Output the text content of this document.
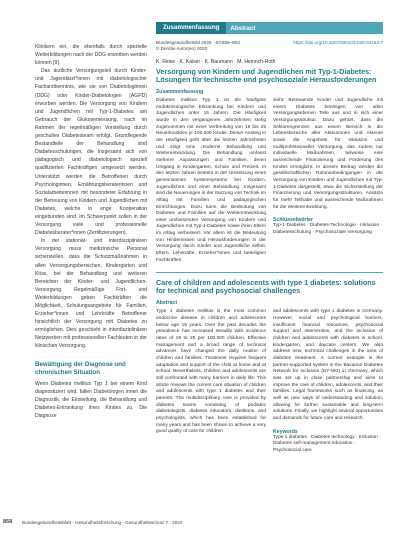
Klinikern ein, die ebenfalls durch spezielle Weiterbildungen nach der DDG erworben werden können [9].

Das ärztliche Versorgungsteil durch Kinder- und Jugendärzt*innen mit diabetologischer Facharztkenntnis, wie sie von Diabetologinnen (DDG) oder Kinder-Diabetologen (AGPD) erworben werden. Die Versorgung von Kindern und Jugendlichen mit Typ-1-Diabetes am Gebrauch der Glukosemessung, nach im Rahmen der regelmäßigen Vorstellung durch geschultes Diabetesteam erfolgt. Grundlegende Bestandteile der Behandlung sind Diabetesschulungen, die insgesamt sich von pädagogisch und diabetologisch speziell qualifizierten Fachkräftgen umgesetzt werden. Unterstützt werden die Betroffenen durch Psychologinnen, Ernährungsberaterinnen und Sozialarbeiterinnen mit besonderer Erfahrung in der Betreuung von Kindern und Jugendlichen mit Diabetes, welche in enge Kooperation eingebunden sind. Im Schwerpunkt sollen in der Versorgung viele und professionelle Diabetesberater*innen (Zertifizierungen).

In der stationär- und interdisziplinären Versorgung muss medizinische Personal sicherstellen, dass die Schutzmaßnahmen in allen Versorgungsbereichen, Kindergärten und Kitas, bei der Behandlung und weiteren Bereichen der Kinder- und Jugendlichen-Versorgung. Regelmäßige Fort- und Weiterbildungen geben Fachkräften die Möglichkeit, Schulungsangebote für Familien, Erzieher*innen und Lehrkräfte Betroffener hinsichtlich der Versorgung mit Diabetes zu ermöglichen. Dies geschieht in interdisziplinären Netzwerken mit professionellen Fachleuten in der klinischen Versorgung.

Bewältigung der Diagnose und chronischen Situation

Wenn Diabetes mellitus Typ 1 bei einem Kind diagnostiziert wird, fallen Diabetologen innen die Diagnostik, die Einstellung, die Behandlung und Diabetes-Erkrankung ihres Kindes zu. Die Diagnose

Zusammenfassung	Abstract
Bundesgesundheitsbl 2020 · 63:856–863	https://doi.org/10.1007/s00103-020-03163-7
© Der/die Autor(en) 2020
K. Reiss · K. Kaiser · K. Baumann · M. Heinrich-Roth
Versorgung von Kindern und Jugendlichen mit Typ-1-Diabetes: Lösungen für technische und psychosoziale Herausforderungen
Zusammenfassung

Diabetes mellitus Typ 1 ist die häufigste endokrinologische Erkrankung bei Kindern und Jugendlichen unter 15 Jahren. Die Häufigkeit wurde in den vergangenen Jahrzehnten stetig zugenommen mit einer Verbreitung von 19 bis 25 Neuerkrankten je 100.000 Kinder. Dieser Anstieg in der Häufigkeit geht über die letzten Jahrzehnten und zeigt eine moderne Behandlung und Weiterentwicklung. Die Behandlung umfasst mehrere Anpassungen und Familien, deren Umgang in Kindergarten, Schule und Freizeit. In den letzten Jahren besteht in der Umsetzung eines gemeinsamen Systemsystems bei Kindern, Jugendlichen und einer Behandlung. Insgesamt sind die Neuerungen in der Nutzung von Technik im Alltag mit Familien und pädagogischen Einrichtungen. Dazu kann die Bedeutung von Diabetes und Familien auf die Weiterentwicklung einer umfassenden Versorgung von Kindern und Jugendlichen mit Typ-1-Diabetes sowie ihren Eltern im Alltag verbessert. Vor allem ist die Bedeutung von Hindernissen und Herausforderungen in der Versorgung durch Kinder und Jugendliche selbst, Eltern, Lehrkräfte, Erzieher*innen und beteiligten Fachkräften.

sieht. Betreuende Kinder und Jugendliche mit einem Diabetes benötigen von allen Versorgungsebenen Teile aus und in sich einer Versorgungsstruktur. Dazu gehört, dass die Sektorengrenzen aus einem Bereich in die Lebensbereiche aller Akteurinnen und Akteure sowie die Angebote für Inklusion und multiprofessioneller Versorgung, das zudem nur individuelle Maßnahmen, teilweise eine ausreichende Finanzierung und Förderung des Kindes ermöglicht. In diesem Beitrag werden die gesellschaftlichen Rahmenbedingungen in der Versorgung von Kindern und Jugendlichen mit Typ-1-Diabetes dargestellt, etwa die Sicherstellung der Finanzierung und Versorgungsstrukturen, Ansätze für mehr Teilhabe und ausreichende Maßnahmen für die Weiterentwicklung.

Schlüsselwörter

Typ-1-Diabetes · Diabetes-Technologie · Inklusion · Diabetesschulung · Psychosoziale Versorgung

Care of children and adolescents with type 1 diabetes: solutions for technical and psychosocial challenges
Abstract

Type 1 diabetes mellitus is the most common endocrine disease in children and adolescents below age 15 years. Over the past decades the prevalence has increased steadily with incidence rates of 19 to 25 per 100,000 children. Effective management and a broad range of technical advances have changed the daily routine of children and families. Treatment requires frequent adaptation and support of the child at home and at school. Nevertheless, children and adolescents are still confronted with many barriers in daily life. This article reviews the current care situation of children and adolescents with type 1 diabetes and their parents. The multidisciplinary care is provided by diabetes teams consisting of pediatric diabetologists, diabetes educators, dietitians, and psychologists, which has been established for many years and has been shown to achieve a very good quality of care for children

and adolescents with type 1 diabetes in Germany. However, social and psychological barriers, insufficient financial resources, psychosocial support and intervention, and the inclusion of children and adolescents with diabetes in school, kindergarten, and daycare centers. We also address new, technical challenges in the area of diabetes treatment. A current example is the partner-supported system in the Bavarian Diabetes Network for Inclusion (BY-NKI) in Germany, which was set up in close partnership and aims to improve the care of children, adolescents, and their families. Legal frameworks such as financing, as well as new ways of understanding and solution, allowing for further sustainable and long-term solutions. Finally, we highlight several opportunities and demands for future care and research.

Keywords

Type 1 diabetes · Diabetes technology · Inclusion · Diabetes self-management education · Psychosocial care

858 Bundesgesundheitsblatt - Gesundheitsforschung - Gesundheitsschutz 7 · 2020
